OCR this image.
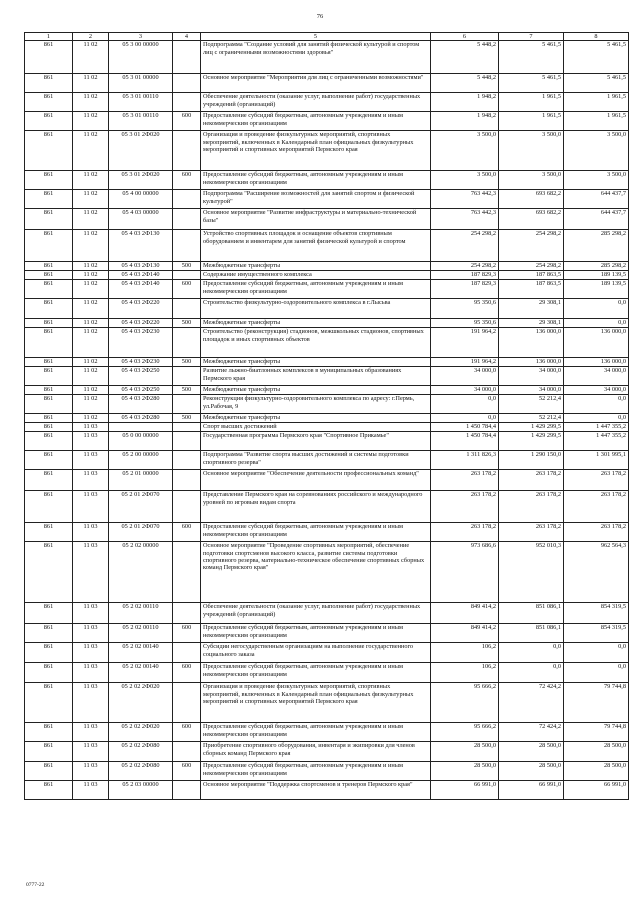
76
1	2	3	4	5	6	7	8
861	11 02	05 3 00 00000		Подпрограмма "Создание условий для занятий физической культурой и спортом лиц с ограниченными возможностями здоровья"	5 448,2	5 461,5	5 461,5
861	11 02	05 3 01 00000		Основное мероприятие "Мероприятия для лиц с ограниченными возможностями"	5 448,2	5 461,5	5 461,5
861	11 02	05 3 01 00110		Обеспечение деятельности (оказание услуг, выполнение работ) государственных учреждений (организаций)	1 948,2	1 961,5	1 961,5
861	11 02	05 3 01 00110	600	Предоставление субсидий бюджетным, автономным учреждениям и иным некоммерческим организациям	1 948,2	1 961,5	1 961,5
861	11 02	05 3 01 2Ф020		Организация и проведение физкультурных мероприятий, спортивных мероприятий, включенных в Календарный план официальных физкультурных мероприятий и спортивных мероприятий Пермского края	3 500,0	3 500,0	3 500,0
861	11 02	05 3 01 2Ф020	600	Предоставление субсидий бюджетным, автономным учреждениям и иным некоммерческим организациям	3 500,0	3 500,0	3 500,0
861	11 02	05 4 00 00000		Подпрограмма "Расширение возможностей для занятий спортом и физической культурой"	763 442,3	693 682,2	644 437,7
861	11 02	05 4 03 00000		Основное мероприятие "Развитие инфраструктуры и материально-технической базы"	763 442,3	693 682,2	644 437,7
861	11 02	05 4 03 2Ф130		Устройство спортивных площадок и оснащение объектов спортивным оборудованием и инвентарем для занятий физической культурой и спортом	254 298,2	254 298,2	285 298,2
861	11 02	05 4 03 2Ф130	500	Межбюджетные трансферты	254 298,2	254 298,2	285 298,2
861	11 02	05 4 03 2Ф140		Содержание имущественного комплекса	187 829,3	187 863,5	189 139,5
861	11 02	05 4 03 2Ф140	600	Предоставление субсидий бюджетным, автономным учреждениям и иным некоммерческим организациям	187 829,3	187 863,5	189 139,5
861	11 02	05 4 03 2Ф220		Строительство физкультурно-оздоровительного комплекса в г.Лысьва	95 350,6	29 308,1	0,0
861	11 02	05 4 03 2Ф220	500	Межбюджетные трансферты	95 350,6	29 308,1	0,0
861	11 02	05 4 03 2Ф230		Строительство (реконструкция) стадионов, межшкольных стадионов, спортивных площадок и иных спортивных объектов	191 964,2	136 000,0	136 000,0
861	11 02	05 4 03 2Ф230	500	Межбюджетные трансферты	191 964,2	136 000,0	136 000,0
861	11 02	05 4 03 2Ф250		Развитие лыжно-биатлонных комплексов в муниципальных образованиях Пермского края	34 000,0	34 000,0	34 000,0
861	11 02	05 4 03 2Ф250	500	Межбюджетные трансферты	34 000,0	34 000,0	34 000,0
861	11 02	05 4 03 2Ф280		Реконструкция физкультурно-оздоровительного комплекса по адресу: г.Пермь, ул.Рабочая, 9	0,0	52 212,4	0,0
861	11 02	05 4 03 2Ф280	500	Межбюджетные трансферты	0,0	52 212,4	0,0
861	11 03			Спорт высших достижений	1 450 784,4	1 429 299,5	1 447 355,2
861	11 03	05 0 00 00000		Государственная программа Пермского края "Спортивное Прикамье"	1 450 784,4	1 429 299,5	1 447 355,2
861	11 03	05 2 00 00000		Подпрограмма "Развитие спорта высших достижений и системы подготовки спортивного резерва"	1 311 826,3	1 290 150,0	1 301 995,1
861	11 03	05 2 01 00000		Основное мероприятие "Обеспечение деятельности профессиональных команд"	263 178,2	263 178,2	263 178,2
861	11 03	05 2 01 2Ф070		Представление Пермского края на соревнованиях российского и международного уровней по игровым видам спорта	263 178,2	263 178,2	263 178,2
861	11 03	05 2 01 2Ф070	600	Предоставление субсидий бюджетным, автономным учреждениям и иным некоммерческим организациям	263 178,2	263 178,2	263 178,2
861	11 03	05 2 02 00000		Основное мероприятие "Проведение спортивных мероприятий, обеспечение подготовки спортсменов высокого класса, развитие системы подготовки спортивного резерва, материально-техническое обеспечение спортивных сборных команд Пермского края"	973 686,6	952 010,3	962 564,3
861	11 03	05 2 02 00110		Обеспечение деятельности (оказание услуг, выполнение работ) государственных учреждений (организаций)	849 414,2	851 086,1	854 319,5
861	11 03	05 2 02 00110	600	Предоставление субсидий бюджетным, автономным учреждениям и иным некоммерческим организациям	849 414,2	851 086,1	854 319,5
861	11 03	05 2 02 00140		Субсидии негосударственным организациям на выполнение государственного социального заказа	106,2	0,0	0,0
861	11 03	05 2 02 00140	600	Предоставление субсидий бюджетным, автономным учреждениям и иным некоммерческим организациям	106,2	0,0	0,0
861	11 03	05 2 02 2Ф020		Организация и проведение физкультурных мероприятий, спортивных мероприятий, включенных в Календарный план официальных физкультурных мероприятий и спортивных мероприятий Пермского края	95 666,2	72 424,2	79 744,8
861	11 03	05 2 02 2Ф020	600	Предоставление субсидий бюджетным, автономным учреждениям и иным некоммерческим организациям	95 666,2	72 424,2	79 744,8
861	11 03	05 2 02 2Ф080		Приобретение спортивного оборудования, инвентаря и экипировки для членов сборных команд Пермского края	28 500,0	28 500,0	28 500,0
861	11 03	05 2 02 2Ф080	600	Предоставление субсидий бюджетным, автономным учреждениям и иным некоммерческим организациям	28 500,0	28 500,0	28 500,0
861	11 03	05 2 03 00000		Основное мероприятие "Поддержка спортсменов и тренеров Пермского края"	66 991,0	66 991,0	66 991,0
0777-22
